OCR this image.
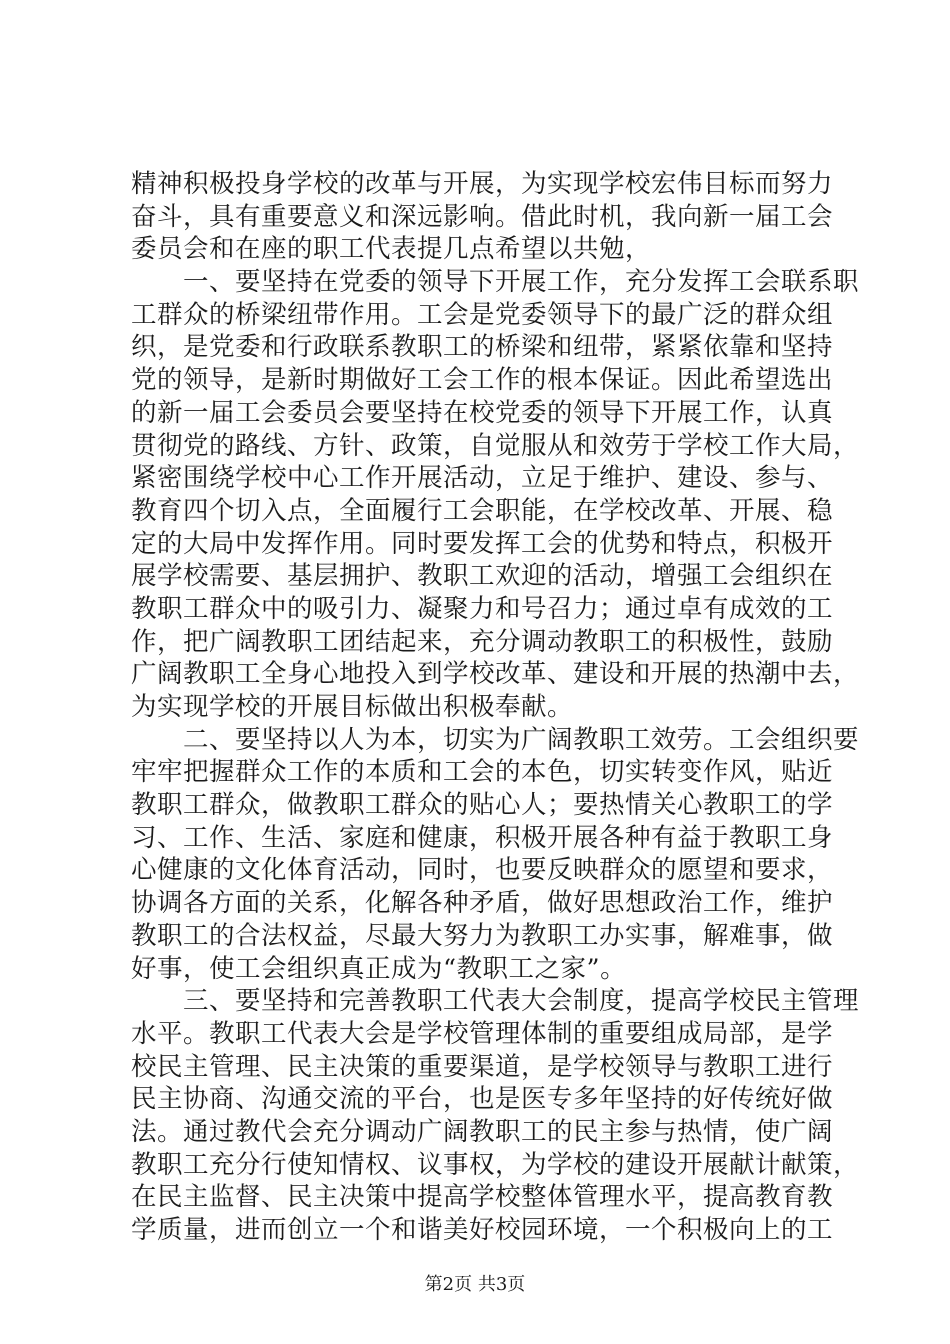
精神积极投身学校的改革与开展，为实现学校宏伟目标而努力
奋斗，具有重要意义和深远影响。借此时机，我向新一届工会
委员会和在座的职工代表提几点希望以共勉，
　　一、要坚持在党委的领导下开展工作，充分发挥工会联系职
工群众的桥梁纽带作用。工会是党委领导下的最广泛的群众组
织，是党委和行政联系教职工的桥梁和纽带，紧紧依靠和坚持
党的领导，是新时期做好工会工作的根本保证。因此希望选出
的新一届工会委员会要坚持在校党委的领导下开展工作，认真
贯彻党的路线、方针、政策，自觉服从和效劳于学校工作大局，
紧密围绕学校中心工作开展活动，立足于维护、建设、参与、
教育四个切入点，全面履行工会职能，在学校改革、开展、稳
定的大局中发挥作用。同时要发挥工会的优势和特点，积极开
展学校需要、基层拥护、教职工欢迎的活动，增强工会组织在
教职工群众中的吸引力、凝聚力和号召力；通过卓有成效的工
作，把广阔教职工团结起来，充分调动教职工的积极性，鼓励
广阔教职工全身心地投入到学校改革、建设和开展的热潮中去，
为实现学校的开展目标做出积极奉献。
　　二、要坚持以人为本，切实为广阔教职工效劳。工会组织要
牢牢把握群众工作的本质和工会的本色，切实转变作风，贴近
教职工群众，做教职工群众的贴心人；要热情关心教职工的学
习、工作、生活、家庭和健康，积极开展各种有益于教职工身
心健康的文化体育活动，同时，也要反映群众的愿望和要求，
协调各方面的关系，化解各种矛盾，做好思想政治工作，维护
教职工的合法权益，尽最大努力为教职工办实事，解难事，做
好事，使工会组织真正成为“教职工之家”。
　　三、要坚持和完善教职工代表大会制度，提高学校民主管理
水平。教职工代表大会是学校管理体制的重要组成局部，是学
校民主管理、民主决策的重要渠道，是学校领导与教职工进行
民主协商、沟通交流的平台，也是医专多年坚持的好传统好做
法。通过教代会充分调动广阔教职工的民主参与热情，使广阔
教职工充分行使知情权、议事权，为学校的建设开展献计献策，
在民主监督、民主决策中提高学校整体管理水平，提高教育教
学质量，进而创立一个和谐美好校园环境，一个积极向上的工
第2页 共3页
